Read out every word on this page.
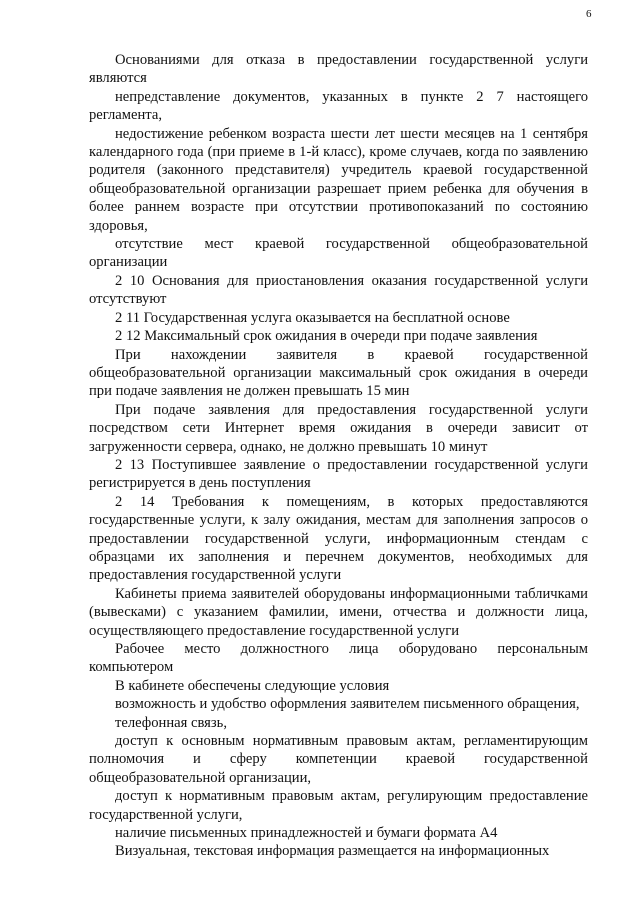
6

Основаниями для отказа в предоставлении государственной услуги являются

непредставление документов, указанных в пункте 2 7 настоящего регламента,

недостижение ребенком возраста шести лет шести месяцев на 1 сентября календарного года (при приеме в 1-й класс), кроме случаев, когда по заявлению родителя (законного представителя) учредитель краевой государственной общеобразовательной организации разрешает прием ребенка для обучения в более раннем возрасте при отсутствии противопоказаний по состоянию здоровья,

отсутствие мест краевой государственной общеобразовательной организации

2 10 Основания для приостановления оказания государственной услуги отсутствуют

2 11 Государственная услуга оказывается на бесплатной основе

2 12 Максимальный срок ожидания в очереди при подаче заявления

При нахождении заявителя в краевой государственной общеобразовательной организации максимальный срок ожидания в очереди при подаче заявления не должен превышать 15 мин

При подаче заявления для предоставления государственной услуги посредством сети Интернет время ожидания в очереди зависит от загруженности сервера, однако, не должно превышать 10 минут

2 13 Поступившее заявление о предоставлении государственной услуги регистрируется в день поступления

2 14 Требования к помещениям, в которых предоставляются государственные услуги, к залу ожидания, местам для заполнения запросов о предоставлении государственной услуги, информационным стендам с образцами их заполнения и перечнем документов, необходимых для предоставления государственной услуги

Кабинеты приема заявителей оборудованы информационными табличками (вывесками) с указанием фамилии, имени, отчества и должности лица, осуществляющего предоставление государственной услуги

Рабочее место должностного лица оборудовано персональным компьютером

В кабинете обеспечены следующие условия

возможность и удобство оформления заявителем письменного обращения,

телефонная связь,

доступ к основным нормативным правовым актам, регламентирующим полномочия и сферу компетенции краевой государственной общеобразовательной организации,

доступ к нормативным правовым актам, регулирующим предоставление государственной услуги,

наличие письменных принадлежностей и бумаги формата А4

Визуальная, текстовая информация размещается на информационных
